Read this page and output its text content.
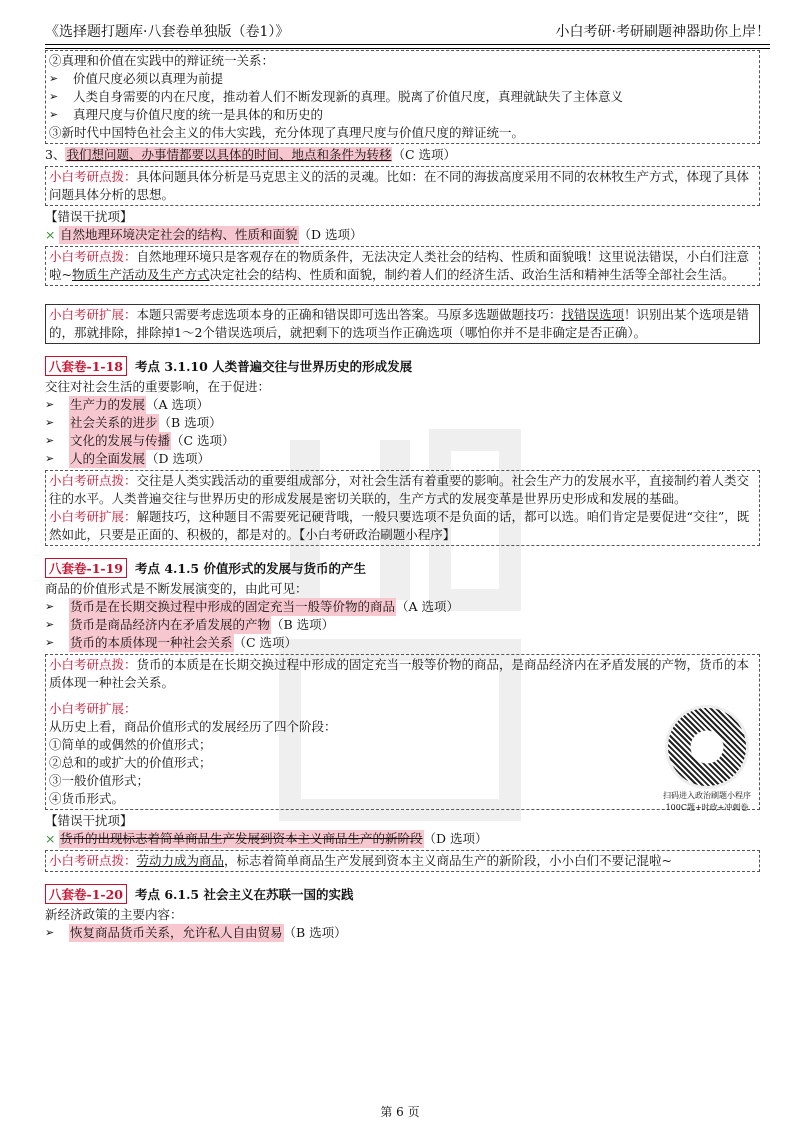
《选择题打题库·八套卷单独版（卷1）》	小白考研·考研刷题神器助你上岸！
②真理和价值在实践中的辩证统一关系：
➢	价值尺度必须以真理为前提
➢	人类自身需要的内在尺度，推动着人们不断发现新的真理。脱离了价值尺度，真理就缺失了主体意义
➢	真理尺度与价值尺度的统一是具体的和历史的
③新时代中国特色社会主义的伟大实践，充分体现了真理尺度与价值尺度的辩证统一。
3、我们想问题、办事情都要以具体的时间、地点和条件为转移（C 选项）
小白考研点拨：具体问题具体分析是马克思主义的活的灵魂。比如：在不同的海拔高度采用不同的农林牧生产方式，体现了具体问题具体分析的思想。
【错误干扰项】
× 自然地理环境决定社会的结构、性质和面貌 （D 选项）
小白考研点拨：自然地理环境只是客观存在的物质条件，无法决定人类社会的结构、性质和面貌哦！这里说法错误，小白们注意啦~物质生产活动及生产方式决定社会的结构、性质和面貌，制约着人们的经济生活、政治生活和精神生活等全部社会生活。
小白考研扩展：本题只需要考虑选项本身的正确和错误即可选出答案。马原多选题做题技巧：找错误选项！识别出某个选项是错的，那就排除，排除掉1～2个错误选项后，就把剩下的选项当作正确选项（哪怕你并不是非确定是否正确）。
八套卷-1-18 考点 3.1.10 人类普遍交往与世界历史的形成发展
交往对社会生活的重要影响，在于促进：
➢	生产力的发展 （A 选项）
➢	社会关系的进步 （B 选项）
➢	文化的发展与传播 （C 选项）
➢	人的全面发展 （D 选项）
小白考研点拨：交往是人类实践活动的重要组成部分，对社会生活有着重要的影响。社会生产力的发展水平，直接制约着人类交往的水平。人类普遍交往与世界历史的形成发展是密切关联的，生产方式的发展变革是世界历史形成和发展的基础。
小白考研扩展：解题技巧，这种题目不需要死记硬背哦，一般只要选项不是负面的话，都可以选。咱们肯定是要促进“交往”，既然如此，只要是正面的、积极的，都是对的。【小白考研政治刷题小程序】
八套卷-1-19 考点 4.1.5 价值形式的发展与货币的产生
商品的价值形式是不断发展演变的，由此可见：
➢	货币是在长期交换过程中形成的固定充当一般等价物的商品 （A 选项）
➢	货币是商品经济内在矛盾发展的产物 （B 选项）
➢	货币的本质体现一种社会关系 （C 选项）
小白考研点拨：货币的本质是在长期交换过程中形成的固定充当一般等价物的商品，是商品经济内在矛盾发展的产物，货币的本质体现一种社会关系。
小白考研扩展：
从历史上看，商品价值形式的发展经历了四个阶段：
①简单的或偶然的价值形式；
②总和的或扩大的价值形式；
③一般价值形式；
④货币形式。	扫码进入政治刷题小程序
100C题+时政+冲刺卷
【错误干扰项】
× 货币的出现标志着简单商品生产发展到资本主义商品生产的新阶段 （D 选项）
小白考研点拨：劳动力成为商品，标志着简单商品生产发展到资本主义商品生产的新阶段，小小白们不要记混啦~
八套卷-1-20 考点 6.1.5 社会主义在苏联一国的实践
新经济政策的主要内容：
➢	恢复商品货币关系，允许私人自由贸易 （B 选项）
第 6 页
